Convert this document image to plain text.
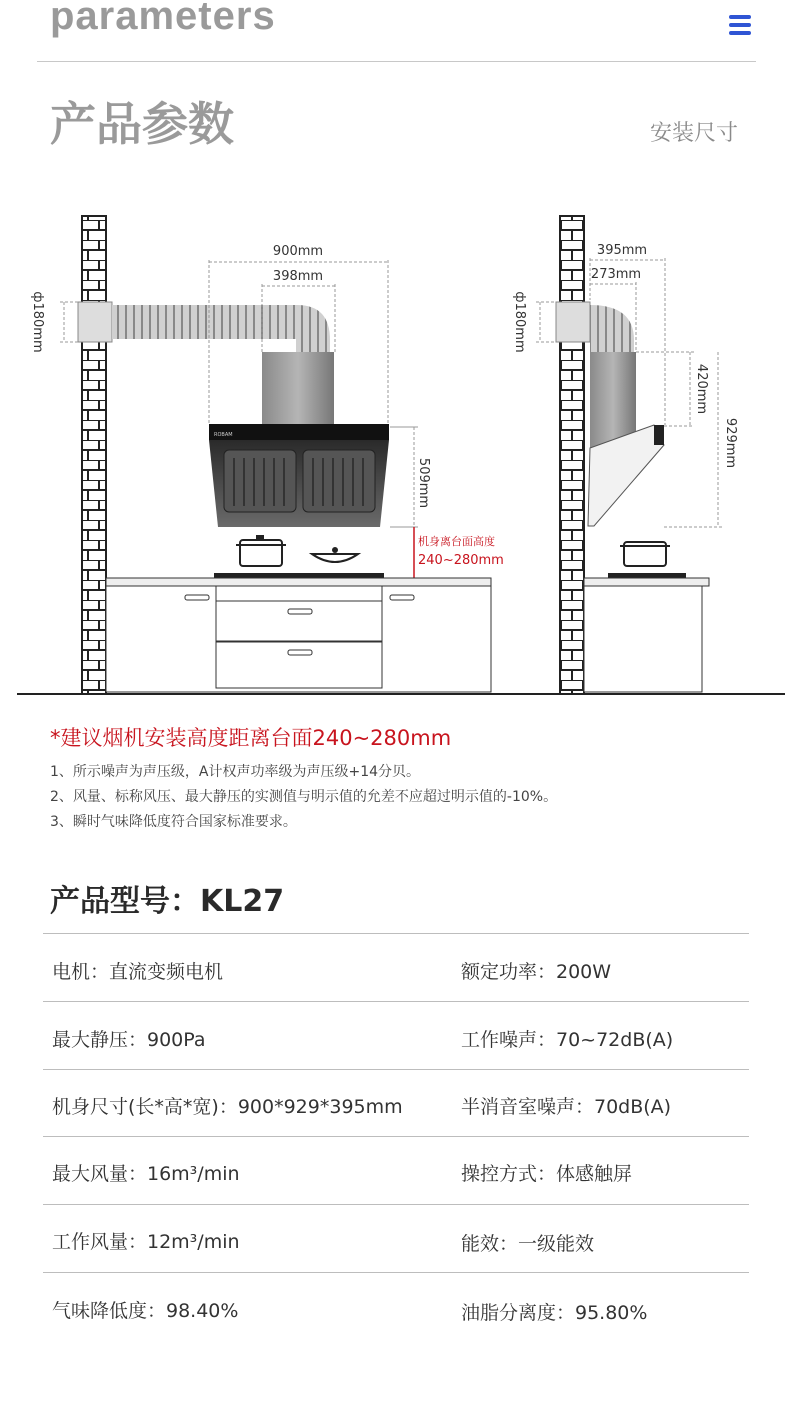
parameters
产品参数	安装尺寸
ROBAM
900mm
398mm
ф180mm
509mm
机身离台面高度
240~280mm
395mm
273mm
ф180mm
420mm
929mm
*建议烟机安装高度距离台面240~280mm
1、所示噪声为声压级，A计权声功率级为声压级+14分贝。
2、风量、标称风压、最大静压的实测值与明示值的允差不应超过明示值的-10%。
3、瞬时气味降低度符合国家标准要求。
产品型号：KL27
电机：直流变频电机	额定功率：200W
最大静压：900Pa	工作噪声：70~72dB(A)
机身尺寸(长*高*宽)：900*929*395mm	半消音室噪声：70dB(A)
最大风量：16m³/min	操控方式：体感触屏
工作风量：12m³/min	能效：一级能效
气味降低度：98.40%	油脂分离度：95.80%
